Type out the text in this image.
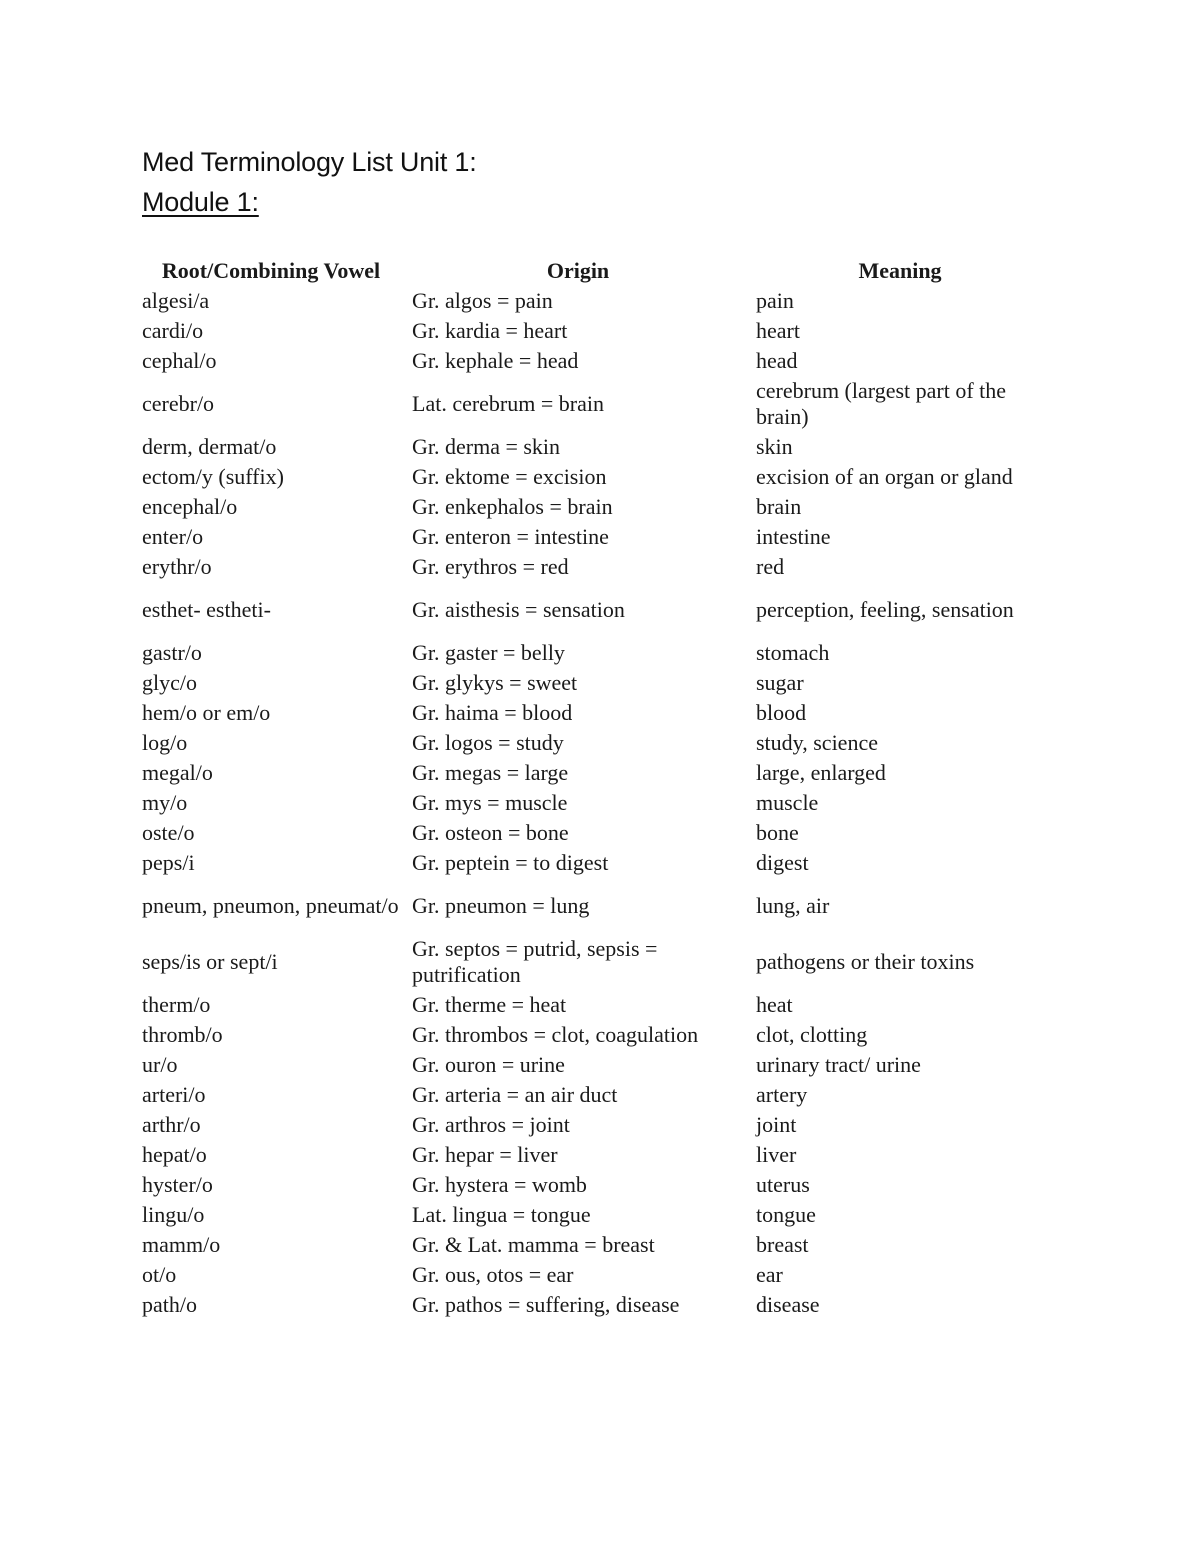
Med Terminology List Unit 1:
Module 1:
Root/Combining Vowel	Origin	Meaning
algesi/a	Gr. algos = pain	pain
cardi/o	Gr. kardia = heart	heart
cephal/o	Gr. kephale = head	head
cerebr/o	Lat. cerebrum = brain	cerebrum (largest part of the brain)
derm, dermat/o	Gr. derma = skin	skin
ectom/y (suffix)	Gr. ektome = excision	excision of an organ or gland
encephal/o	Gr. enkephalos = brain	brain
enter/o	Gr. enteron = intestine	intestine
erythr/o	Gr. erythros = red	red
esthet- estheti-	Gr. aisthesis = sensation	perception, feeling, sensation
gastr/o	Gr. gaster = belly	stomach
glyc/o	Gr. glykys = sweet	sugar
hem/o or em/o	Gr. haima = blood	blood
log/o	Gr. logos = study	study, science
megal/o	Gr. megas = large	large, enlarged
my/o	Gr. mys = muscle	muscle
oste/o	Gr. osteon = bone	bone
peps/i	Gr. peptein = to digest	digest
pneum, pneumon, pneumat/o	Gr. pneumon = lung	lung, air
seps/is or sept/i	Gr. septos = putrid, sepsis = putrification	pathogens or their toxins
therm/o	Gr. therme = heat	heat
thromb/o	Gr. thrombos = clot, coagulation	clot, clotting
ur/o	Gr. ouron = urine	urinary tract/ urine
arteri/o	Gr. arteria = an air duct	artery
arthr/o	Gr. arthros = joint	joint
hepat/o	Gr. hepar = liver	liver
hyster/o	Gr. hystera = womb	uterus
lingu/o	Lat. lingua = tongue	tongue
mamm/o	Gr. & Lat. mamma = breast	breast
ot/o	Gr. ous, otos = ear	ear
path/o	Gr. pathos = suffering, disease	disease
